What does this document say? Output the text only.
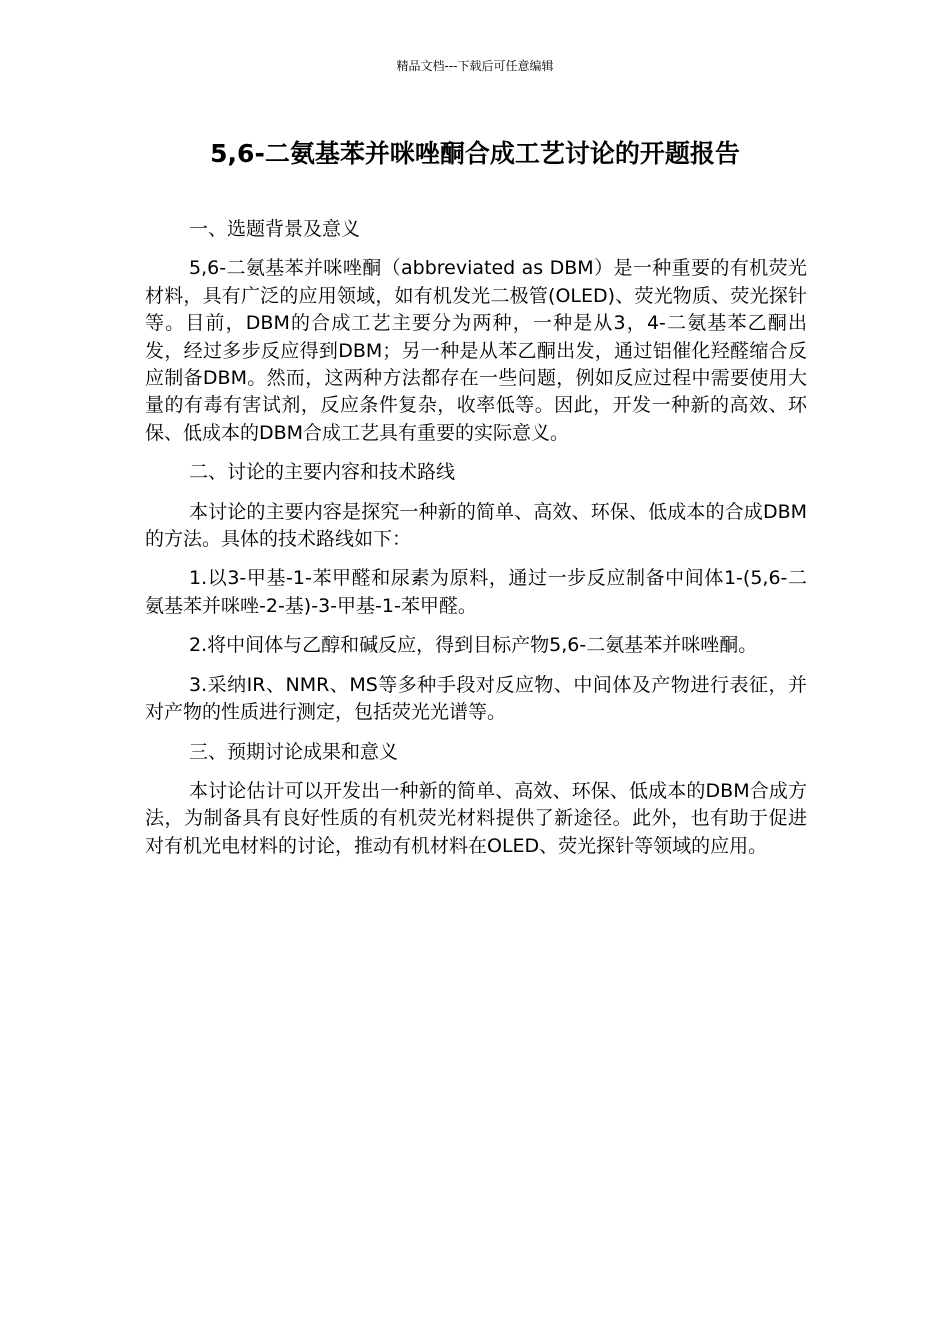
精品文档---下载后可任意编辑
5,6-二氨基苯并咪唑酮合成工艺讨论的开题报告

一、选题背景及意义

5,6-二氨基苯并咪唑酮（abbreviated as DBM）是一种重要的有机荧光材料，具有广泛的应用领域，如有机发光二极管(OLED)、荧光物质、荧光探针等。目前，DBM的合成工艺主要分为两种，一种是从3，4-二氨基苯乙酮出发，经过多步反应得到DBM；另一种是从苯乙酮出发，通过铝催化羟醛缩合反应制备DBM。然而，这两种方法都存在一些问题，例如反应过程中需要使用大量的有毒有害试剂，反应条件复杂，收率低等。因此，开发一种新的高效、环保、低成本的DBM合成工艺具有重要的实际意义。

二、讨论的主要内容和技术路线

本讨论的主要内容是探究一种新的简单、高效、环保、低成本的合成DBM的方法。具体的技术路线如下：

1.以3-甲基-1-苯甲醛和尿素为原料，通过一步反应制备中间体1-(5,6-二氨基苯并咪唑-2-基)-3-甲基-1-苯甲醛。

2.将中间体与乙醇和碱反应，得到目标产物5,6-二氨基苯并咪唑酮。

3.采纳IR、NMR、MS等多种手段对反应物、中间体及产物进行表征，并对产物的性质进行测定，包括荧光光谱等。

三、预期讨论成果和意义

本讨论估计可以开发出一种新的简单、高效、环保、低成本的DBM合成方法，为制备具有良好性质的有机荧光材料提供了新途径。此外，也有助于促进对有机光电材料的讨论，推动有机材料在OLED、荧光探针等领域的应用。
